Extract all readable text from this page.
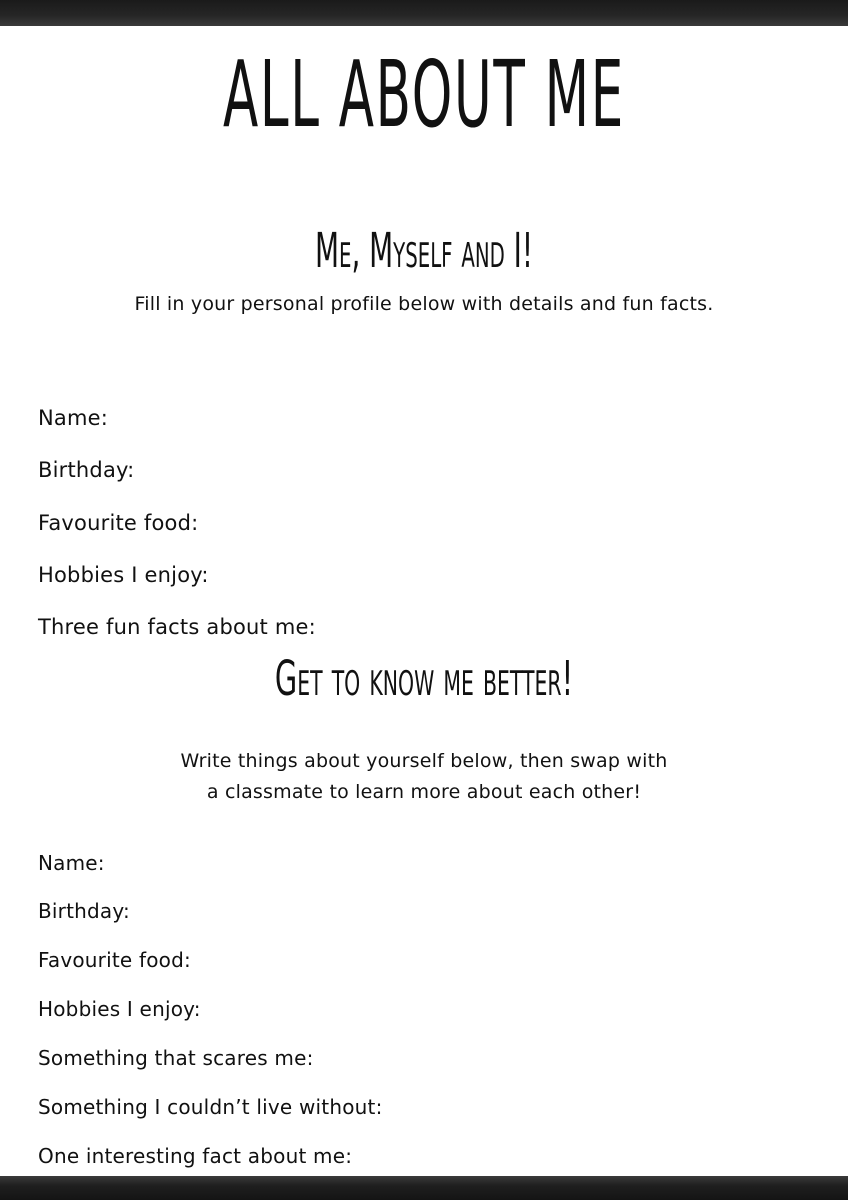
ALL ABOUT ME
Me, Myself and I!
Fill in your personal profile below with details and fun facts.
Name:
Birthday:
Favourite food:
Hobbies I enjoy:
Three fun facts about me:
Get to know me better!
Write things about yourself below, then swap with
a classmate to learn more about each other!
Name:
Birthday:
Favourite food:
Hobbies I enjoy:
Something that scares me:
Something I couldn’t live without:
One interesting fact about me:
